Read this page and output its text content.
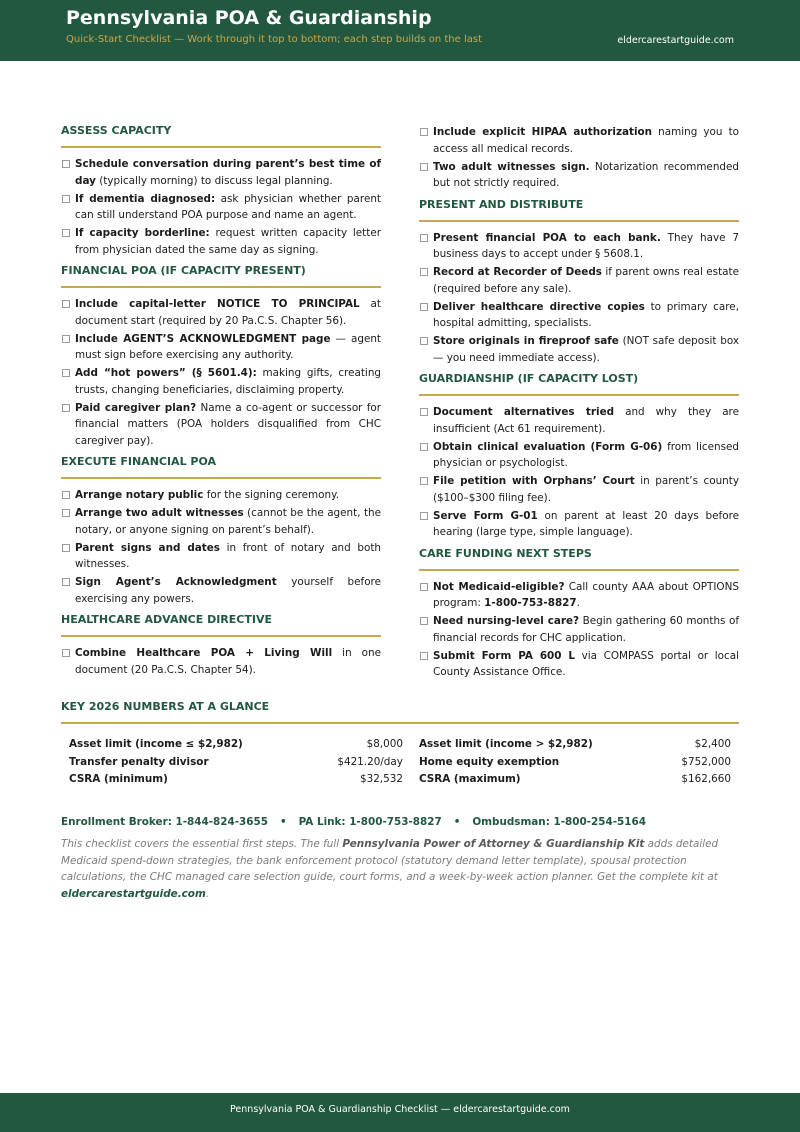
Pennsylvania POA & Guardianship
Quick-Start Checklist — Work through it top to bottom; each step builds on the last	eldercarestartguide.com
ASSESS CAPACITY
Schedule conversation during parent’s best time of day (typically morning) to discuss legal planning.
If dementia diagnosed: ask physician whether parent can still understand POA purpose and name an agent.
If capacity borderline: request written capacity letter from physician dated the same day as signing.
FINANCIAL POA (IF CAPACITY PRESENT)
Include capital-letter NOTICE TO PRINCIPAL at document start (required by 20 Pa.C.S. Chapter 56).
Include AGENT’S ACKNOWLEDGMENT page — agent must sign before exercising any authority.
Add “hot powers” (§ 5601.4): making gifts, creating trusts, changing beneficiaries, disclaiming property.
Paid caregiver plan? Name a co-agent or successor for financial matters (POA holders disqualified from CHC caregiver pay).
EXECUTE FINANCIAL POA
Arrange notary public for the signing ceremony.
Arrange two adult witnesses (cannot be the agent, the notary, or anyone signing on parent’s behalf).
Parent signs and dates in front of notary and both witnesses.
Sign Agent’s Acknowledgment yourself before exercising any powers.
HEALTHCARE ADVANCE DIRECTIVE
Combine Healthcare POA + Living Will in one document (20 Pa.C.S. Chapter 54).
Include explicit HIPAA authorization naming you to access all medical records.
Two adult witnesses sign. Notarization recommended but not strictly required.
PRESENT AND DISTRIBUTE
Present financial POA to each bank. They have 7 business days to accept under § 5608.1.
Record at Recorder of Deeds if parent owns real estate (required before any sale).
Deliver healthcare directive copies to primary care, hospital admitting, specialists.
Store originals in fireproof safe (NOT safe deposit box — you need immediate access).
GUARDIANSHIP (IF CAPACITY LOST)
Document alternatives tried and why they are insufficient (Act 61 requirement).
Obtain clinical evaluation (Form G-06) from licensed physician or psychologist.
File petition with Orphans’ Court in parent’s county ($100–$300 filing fee).
Serve Form G-01 on parent at least 20 days before hearing (large type, simple language).
CARE FUNDING NEXT STEPS
Not Medicaid-eligible? Call county AAA about OPTIONS program: 1-800-753-8827.
Need nursing-level care? Begin gathering 60 months of financial records for CHC application.
Submit Form PA 600 L via COMPASS portal or local County Assistance Office.
KEY 2026 NUMBERS AT A GLANCE
Asset limit (income ≤ $2,982)	$8,000	Asset limit (income > $2,982)	$2,400
Transfer penalty divisor	$421.20/day	Home equity exemption	$752,000
CSRA (minimum)	$32,532	CSRA (maximum)	$162,660
Enrollment Broker: 1-844-824-3655 • PA Link: 1-800-753-8827 • Ombudsman: 1-800-254-5164
This checklist covers the essential first steps. The full Pennsylvania Power of Attorney & Guardianship Kit adds detailed Medicaid spend-down strategies, the bank enforcement protocol (statutory demand letter template), spousal protection calculations, the CHC managed care selection guide, court forms, and a week-by-week action planner. Get the complete kit at eldercarestartguide.com.
Pennsylvania POA & Guardianship Checklist — eldercarestartguide.com
